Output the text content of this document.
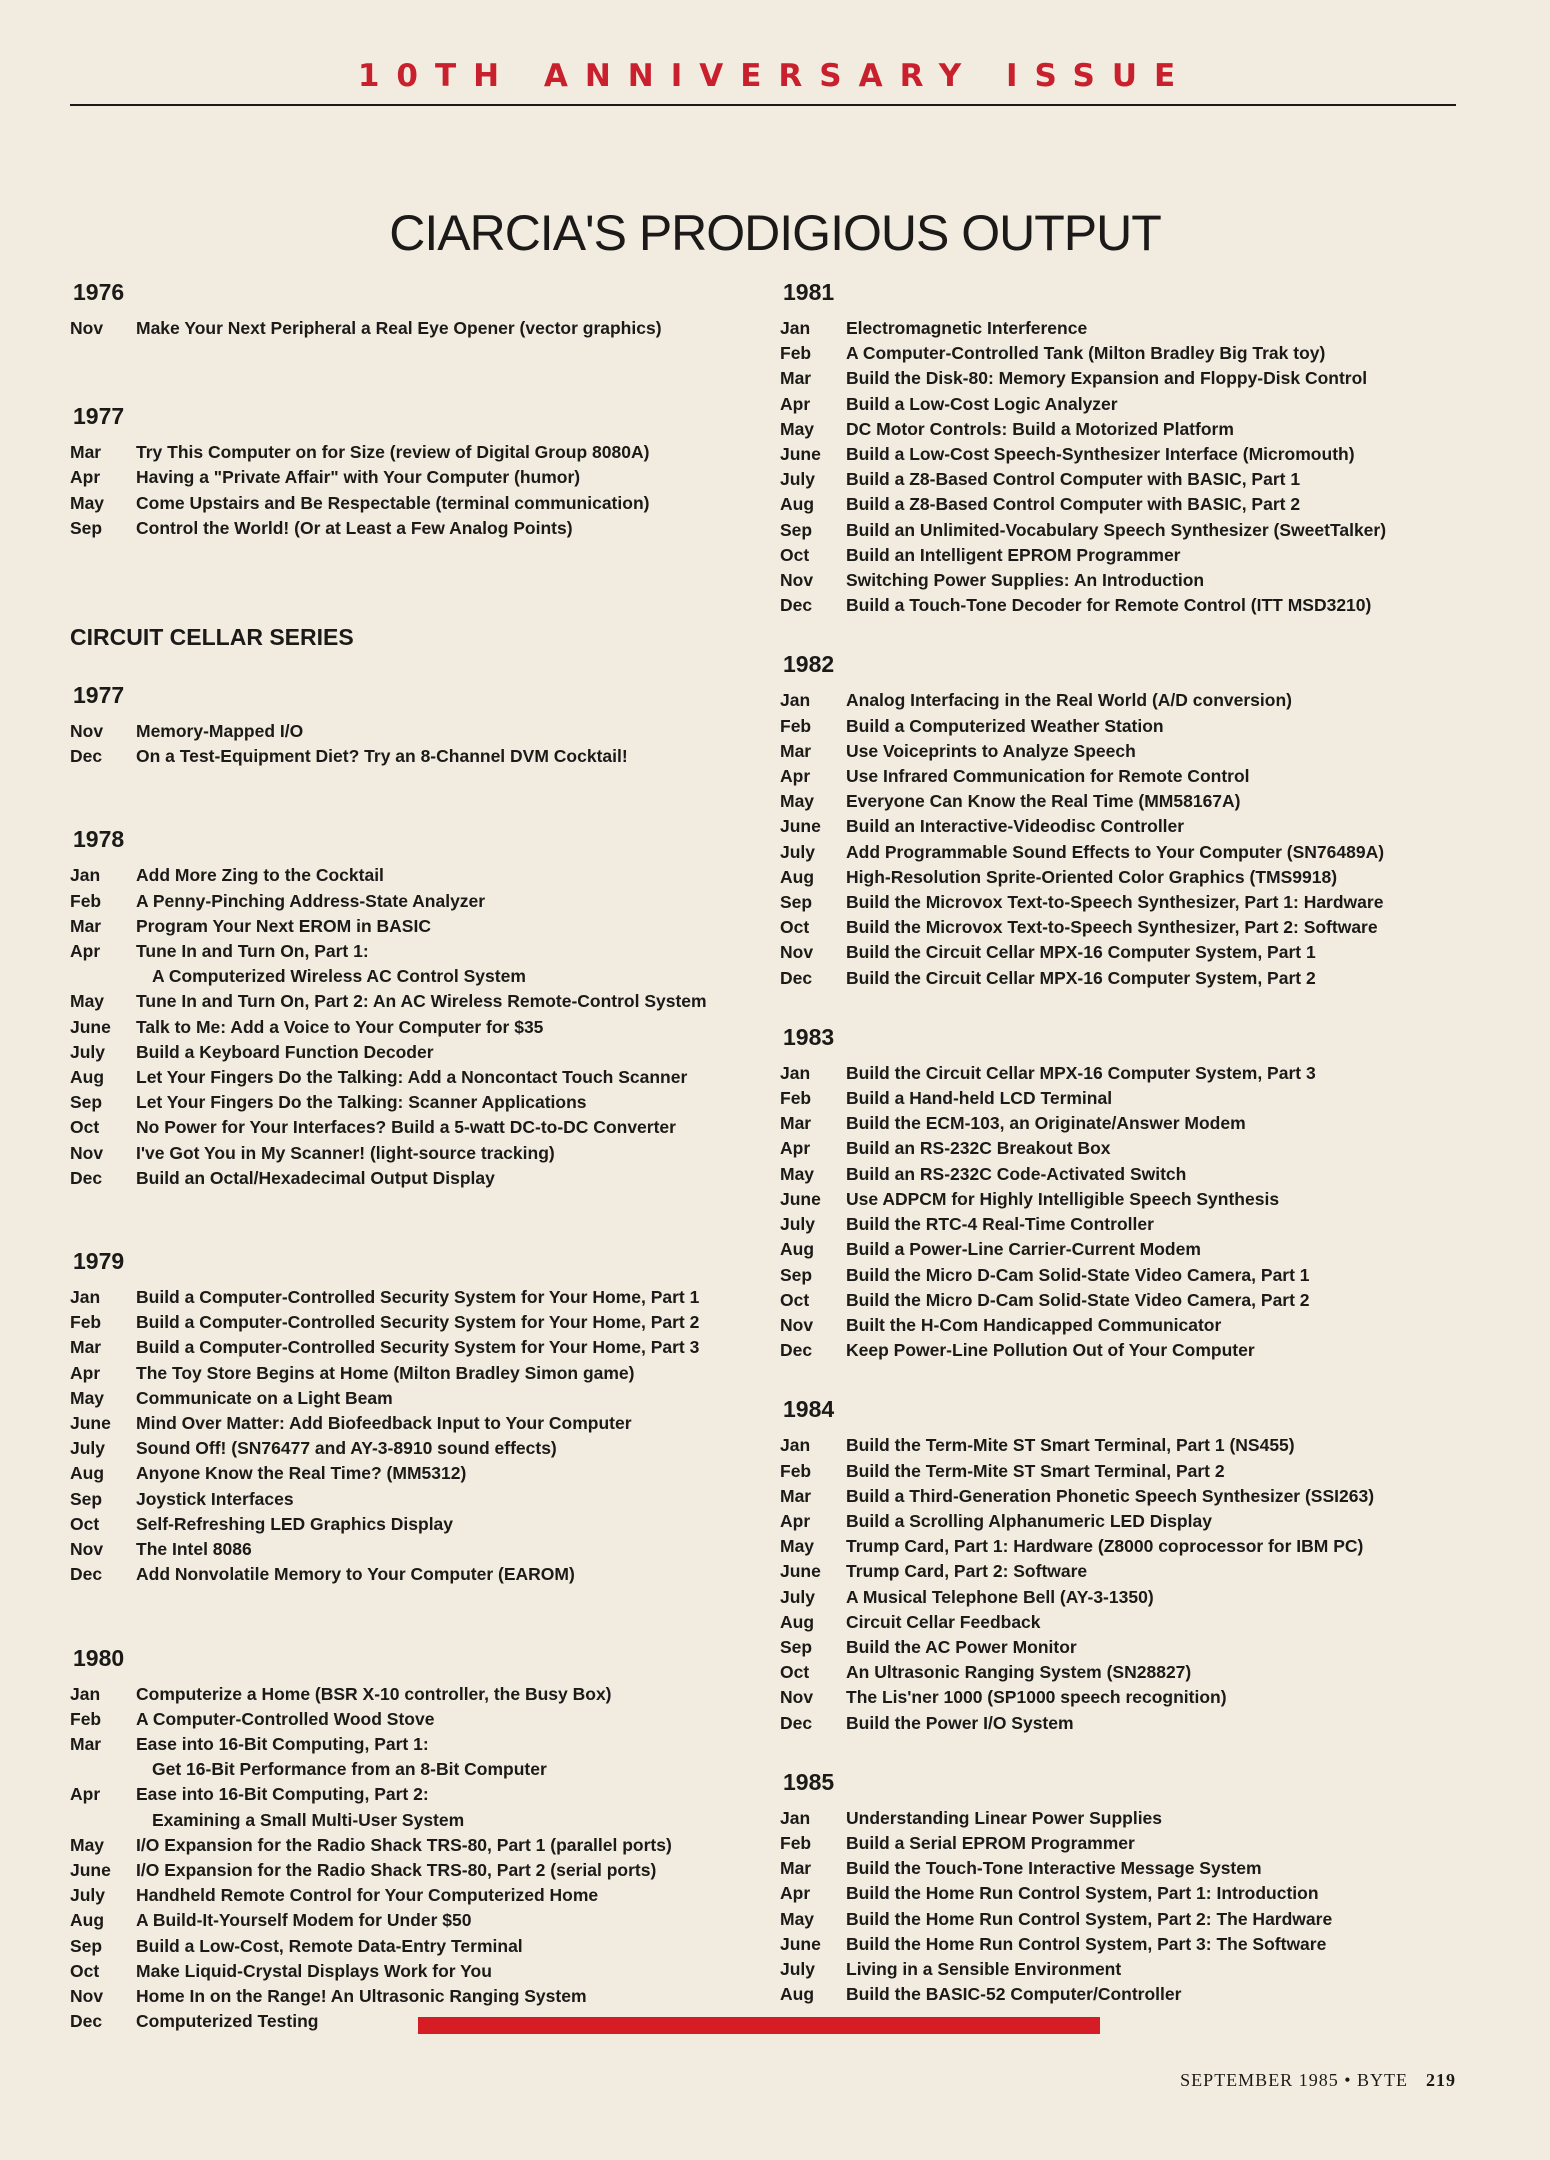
10TH ANNIVERSARY ISSUE
CIARCIA'S PRODIGIOUS OUTPUT
1976
Nov	Make Your Next Peripheral a Real Eye Opener (vector graphics)
1977
Mar	Try This Computer on for Size (review of Digital Group 8080A)
Apr	Having a "Private Affair" with Your Computer (humor)
May	Come Upstairs and Be Respectable (terminal communication)
Sep	Control the World! (Or at Least a Few Analog Points)
CIRCUIT CELLAR SERIES
1977
Nov	Memory-Mapped I/O
Dec	On a Test-Equipment Diet? Try an 8-Channel DVM Cocktail!
1978
Jan	Add More Zing to the Cocktail
Feb	A Penny-Pinching Address-State Analyzer
Mar	Program Your Next EROM in BASIC
Apr	Tune In and Turn On, Part 1:
A Computerized Wireless AC Control System
May	Tune In and Turn On, Part 2: An AC Wireless Remote-Control System
June	Talk to Me: Add a Voice to Your Computer for $35
July	Build a Keyboard Function Decoder
Aug	Let Your Fingers Do the Talking: Add a Noncontact Touch Scanner
Sep	Let Your Fingers Do the Talking: Scanner Applications
Oct	No Power for Your Interfaces? Build a 5-watt DC-to-DC Converter
Nov	I've Got You in My Scanner! (light-source tracking)
Dec	Build an Octal/Hexadecimal Output Display
1979
Jan	Build a Computer-Controlled Security System for Your Home, Part 1
Feb	Build a Computer-Controlled Security System for Your Home, Part 2
Mar	Build a Computer-Controlled Security System for Your Home, Part 3
Apr	The Toy Store Begins at Home (Milton Bradley Simon game)
May	Communicate on a Light Beam
June	Mind Over Matter: Add Biofeedback Input to Your Computer
July	Sound Off! (SN76477 and AY-3-8910 sound effects)
Aug	Anyone Know the Real Time? (MM5312)
Sep	Joystick Interfaces
Oct	Self-Refreshing LED Graphics Display
Nov	The Intel 8086
Dec	Add Nonvolatile Memory to Your Computer (EAROM)
1980
Jan	Computerize a Home (BSR X-10 controller, the Busy Box)
Feb	A Computer-Controlled Wood Stove
Mar	Ease into 16-Bit Computing, Part 1:
Get 16-Bit Performance from an 8-Bit Computer
Apr	Ease into 16-Bit Computing, Part 2:
Examining a Small Multi-User System
May	I/O Expansion for the Radio Shack TRS-80, Part 1 (parallel ports)
June	I/O Expansion for the Radio Shack TRS-80, Part 2 (serial ports)
July	Handheld Remote Control for Your Computerized Home
Aug	A Build-It-Yourself Modem for Under $50
Sep	Build a Low-Cost, Remote Data-Entry Terminal
Oct	Make Liquid-Crystal Displays Work for You
Nov	Home In on the Range! An Ultrasonic Ranging System
Dec	Computerized Testing
1981
Jan	Electromagnetic Interference
Feb	A Computer-Controlled Tank (Milton Bradley Big Trak toy)
Mar	Build the Disk-80: Memory Expansion and Floppy-Disk Control
Apr	Build a Low-Cost Logic Analyzer
May	DC Motor Controls: Build a Motorized Platform
June	Build a Low-Cost Speech-Synthesizer Interface (Micromouth)
July	Build a Z8-Based Control Computer with BASIC, Part 1
Aug	Build a Z8-Based Control Computer with BASIC, Part 2
Sep	Build an Unlimited-Vocabulary Speech Synthesizer (SweetTalker)
Oct	Build an Intelligent EPROM Programmer
Nov	Switching Power Supplies: An Introduction
Dec	Build a Touch-Tone Decoder for Remote Control (ITT MSD3210)
1982
Jan	Analog Interfacing in the Real World (A/D conversion)
Feb	Build a Computerized Weather Station
Mar	Use Voiceprints to Analyze Speech
Apr	Use Infrared Communication for Remote Control
May	Everyone Can Know the Real Time (MM58167A)
June	Build an Interactive-Videodisc Controller
July	Add Programmable Sound Effects to Your Computer (SN76489A)
Aug	High-Resolution Sprite-Oriented Color Graphics (TMS9918)
Sep	Build the Microvox Text-to-Speech Synthesizer, Part 1: Hardware
Oct	Build the Microvox Text-to-Speech Synthesizer, Part 2: Software
Nov	Build the Circuit Cellar MPX-16 Computer System, Part 1
Dec	Build the Circuit Cellar MPX-16 Computer System, Part 2
1983
Jan	Build the Circuit Cellar MPX-16 Computer System, Part 3
Feb	Build a Hand-held LCD Terminal
Mar	Build the ECM-103, an Originate/Answer Modem
Apr	Build an RS-232C Breakout Box
May	Build an RS-232C Code-Activated Switch
June	Use ADPCM for Highly Intelligible Speech Synthesis
July	Build the RTC-4 Real-Time Controller
Aug	Build a Power-Line Carrier-Current Modem
Sep	Build the Micro D-Cam Solid-State Video Camera, Part 1
Oct	Build the Micro D-Cam Solid-State Video Camera, Part 2
Nov	Built the H-Com Handicapped Communicator
Dec	Keep Power-Line Pollution Out of Your Computer
1984
Jan	Build the Term-Mite ST Smart Terminal, Part 1 (NS455)
Feb	Build the Term-Mite ST Smart Terminal, Part 2
Mar	Build a Third-Generation Phonetic Speech Synthesizer (SSI263)
Apr	Build a Scrolling Alphanumeric LED Display
May	Trump Card, Part 1: Hardware (Z8000 coprocessor for IBM PC)
June	Trump Card, Part 2: Software
July	A Musical Telephone Bell (AY-3-1350)
Aug	Circuit Cellar Feedback
Sep	Build the AC Power Monitor
Oct	An Ultrasonic Ranging System (SN28827)
Nov	The Lis'ner 1000 (SP1000 speech recognition)
Dec	Build the Power I/O System
1985
Jan	Understanding Linear Power Supplies
Feb	Build a Serial EPROM Programmer
Mar	Build the Touch-Tone Interactive Message System
Apr	Build the Home Run Control System, Part 1: Introduction
May	Build the Home Run Control System, Part 2: The Hardware
June	Build the Home Run Control System, Part 3: The Software
July	Living in a Sensible Environment
Aug	Build the BASIC-52 Computer/Controller
SEPTEMBER 1985 • BYTE 219
